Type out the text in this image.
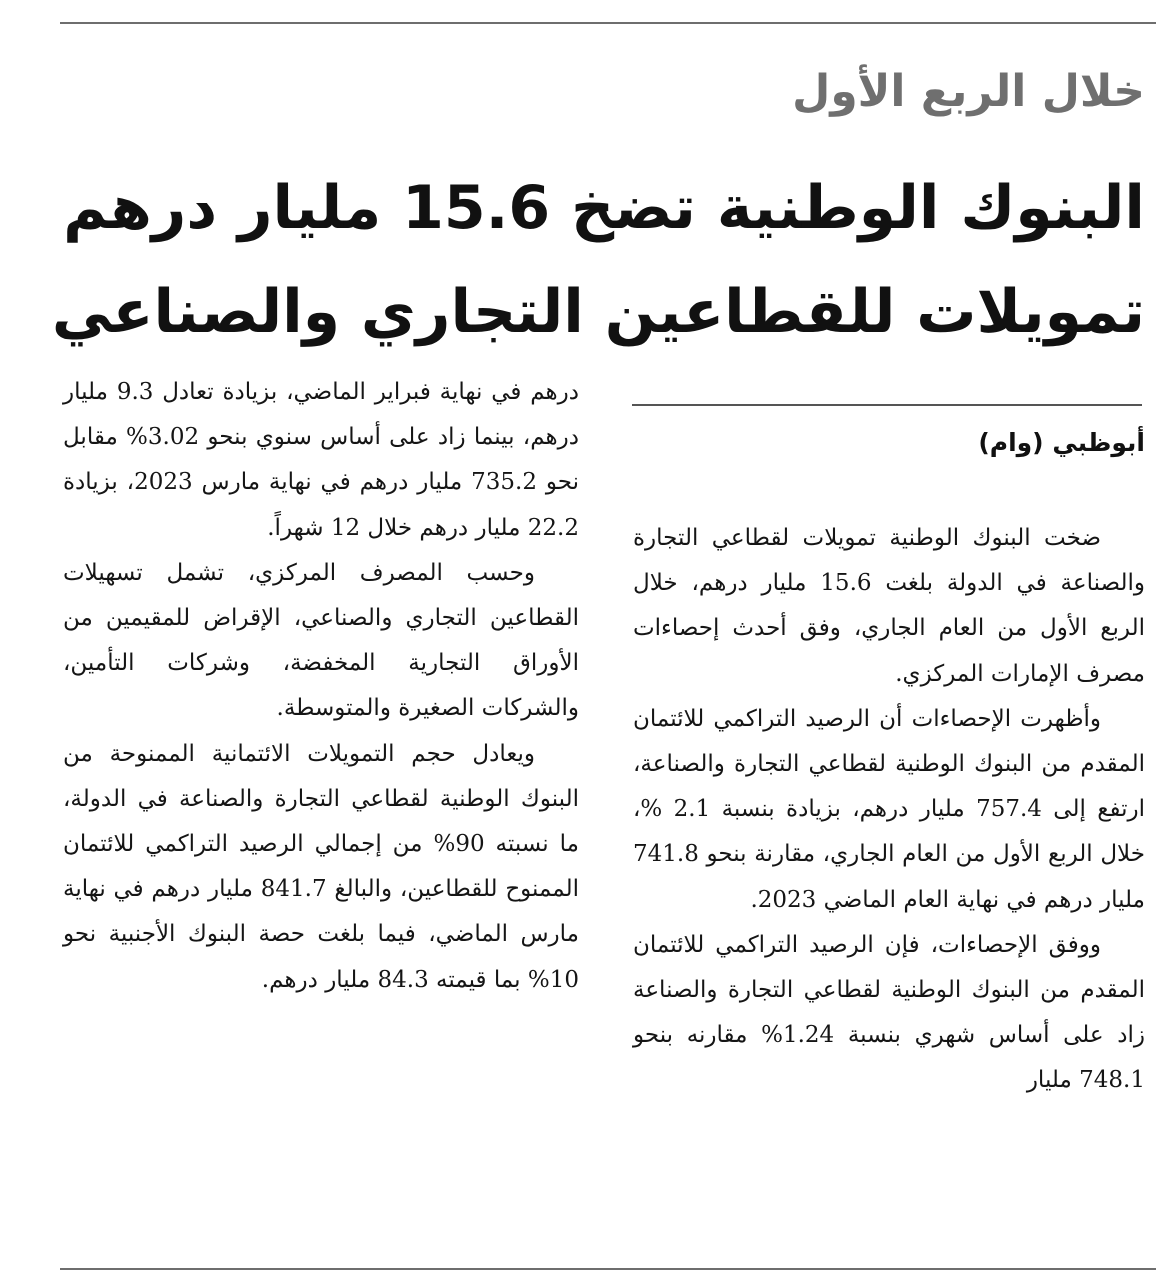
خلال الربع الأول
البنوك الوطنية تضخ 15.6 مليار درهم
تمويلات للقطاعين التجاري والصناعي
أبوظبي (وام)

ضخت البنوك الوطنية تمويلات لقطاعي التجارة والصناعة في الدولة بلغت 15.6 مليار درهم، خلال الربع الأول من العام الجاري، وفق أحدث إحصاءات مصرف الإمارات المركزي.

وأظهرت الإحصاءات أن الرصيد التراكمي للائتمان المقدم من البنوك الوطنية لقطاعي التجارة والصناعة، ارتفع إلى 757.4 مليار درهم، بزيادة بنسبة 2.1 %، خلال الربع الأول من العام الجاري، مقارنة بنحو 741.8 مليار درهم في نهاية العام الماضي 2023.

ووفق الإحصاءات، فإن الرصيد التراكمي للائتمان المقدم من البنوك الوطنية لقطاعي التجارة والصناعة زاد على أساس شهري بنسبة 1.24% مقارنه بنحو 748.1 مليار

درهم في نهاية فبراير الماضي، بزيادة تعادل 9.3 مليار درهم، بينما زاد على أساس سنوي بنحو 3.02% مقابل نحو 735.2 مليار درهم في نهاية مارس 2023، بزيادة 22.2 مليار درهم خلال 12 شهراً.

وحسب المصرف المركزي، تشمل تسهيلات القطاعين التجاري والصناعي، الإقراض للمقيمين من الأوراق التجارية المخفضة، وشركات التأمين، والشركات الصغيرة والمتوسطة.

ويعادل حجم التمويلات الائتمانية الممنوحة من البنوك الوطنية لقطاعي التجارة والصناعة في الدولة، ما نسبته 90% من إجمالي الرصيد التراكمي للائتمان الممنوح للقطاعين، والبالغ 841.7 مليار درهم في نهاية مارس الماضي، فيما بلغت حصة البنوك الأجنبية نحو 10% بما قيمته 84.3 مليار درهم.
